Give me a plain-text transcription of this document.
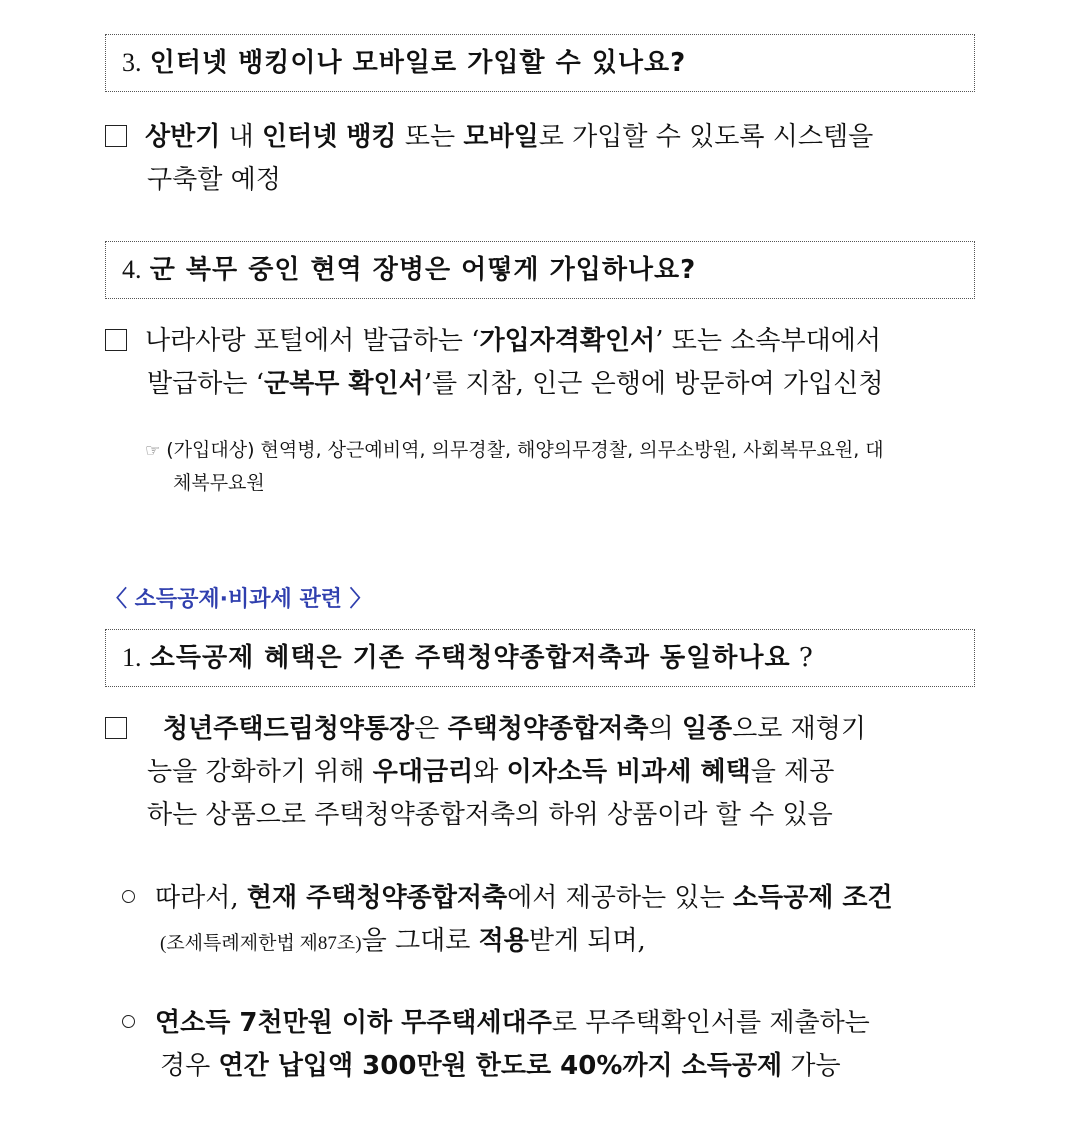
3. 인터넷 뱅킹이나 모바일로 가입할 수 있나요?
상반기 내 인터넷 뱅킹 또는 모바일로 가입할 수 있도록 시스템을
구축할 예정
4. 군 복무 중인 현역 장병은 어떻게 가입하나요?
나라사랑 포털에서 발급하는 ‘가입자격확인서’ 또는 소속부대에서
발급하는 ‘군복무 확인서’를 지참, 인근 은행에 방문하여 가입신청
☞ (가입대상) 현역병, 상근예비역, 의무경찰, 해양의무경찰, 의무소방원, 사회복무요원, 대
체복무요원
〈 소득공제·비과세 관련 〉
1. 소득공제 혜택은 기존 주택청약종합저축과 동일하나요 ?
청년주택드림청약통장은 주택청약종합저축의 일종으로 재형기
능을 강화하기 위해 우대금리와 이자소득 비과세 혜택을 제공
하는 상품으로 주택청약종합저축의 하위 상품이라 할 수 있음
따라서, 현재 주택청약종합저축에서 제공하는 있는 소득공제 조건
(조세특례제한법 제87조)을 그대로 적용받게 되며,
연소득 7천만원 이하 무주택세대주로 무주택확인서를 제출하는
경우 연간 납입액 300만원 한도로 40%까지 소득공제 가능
